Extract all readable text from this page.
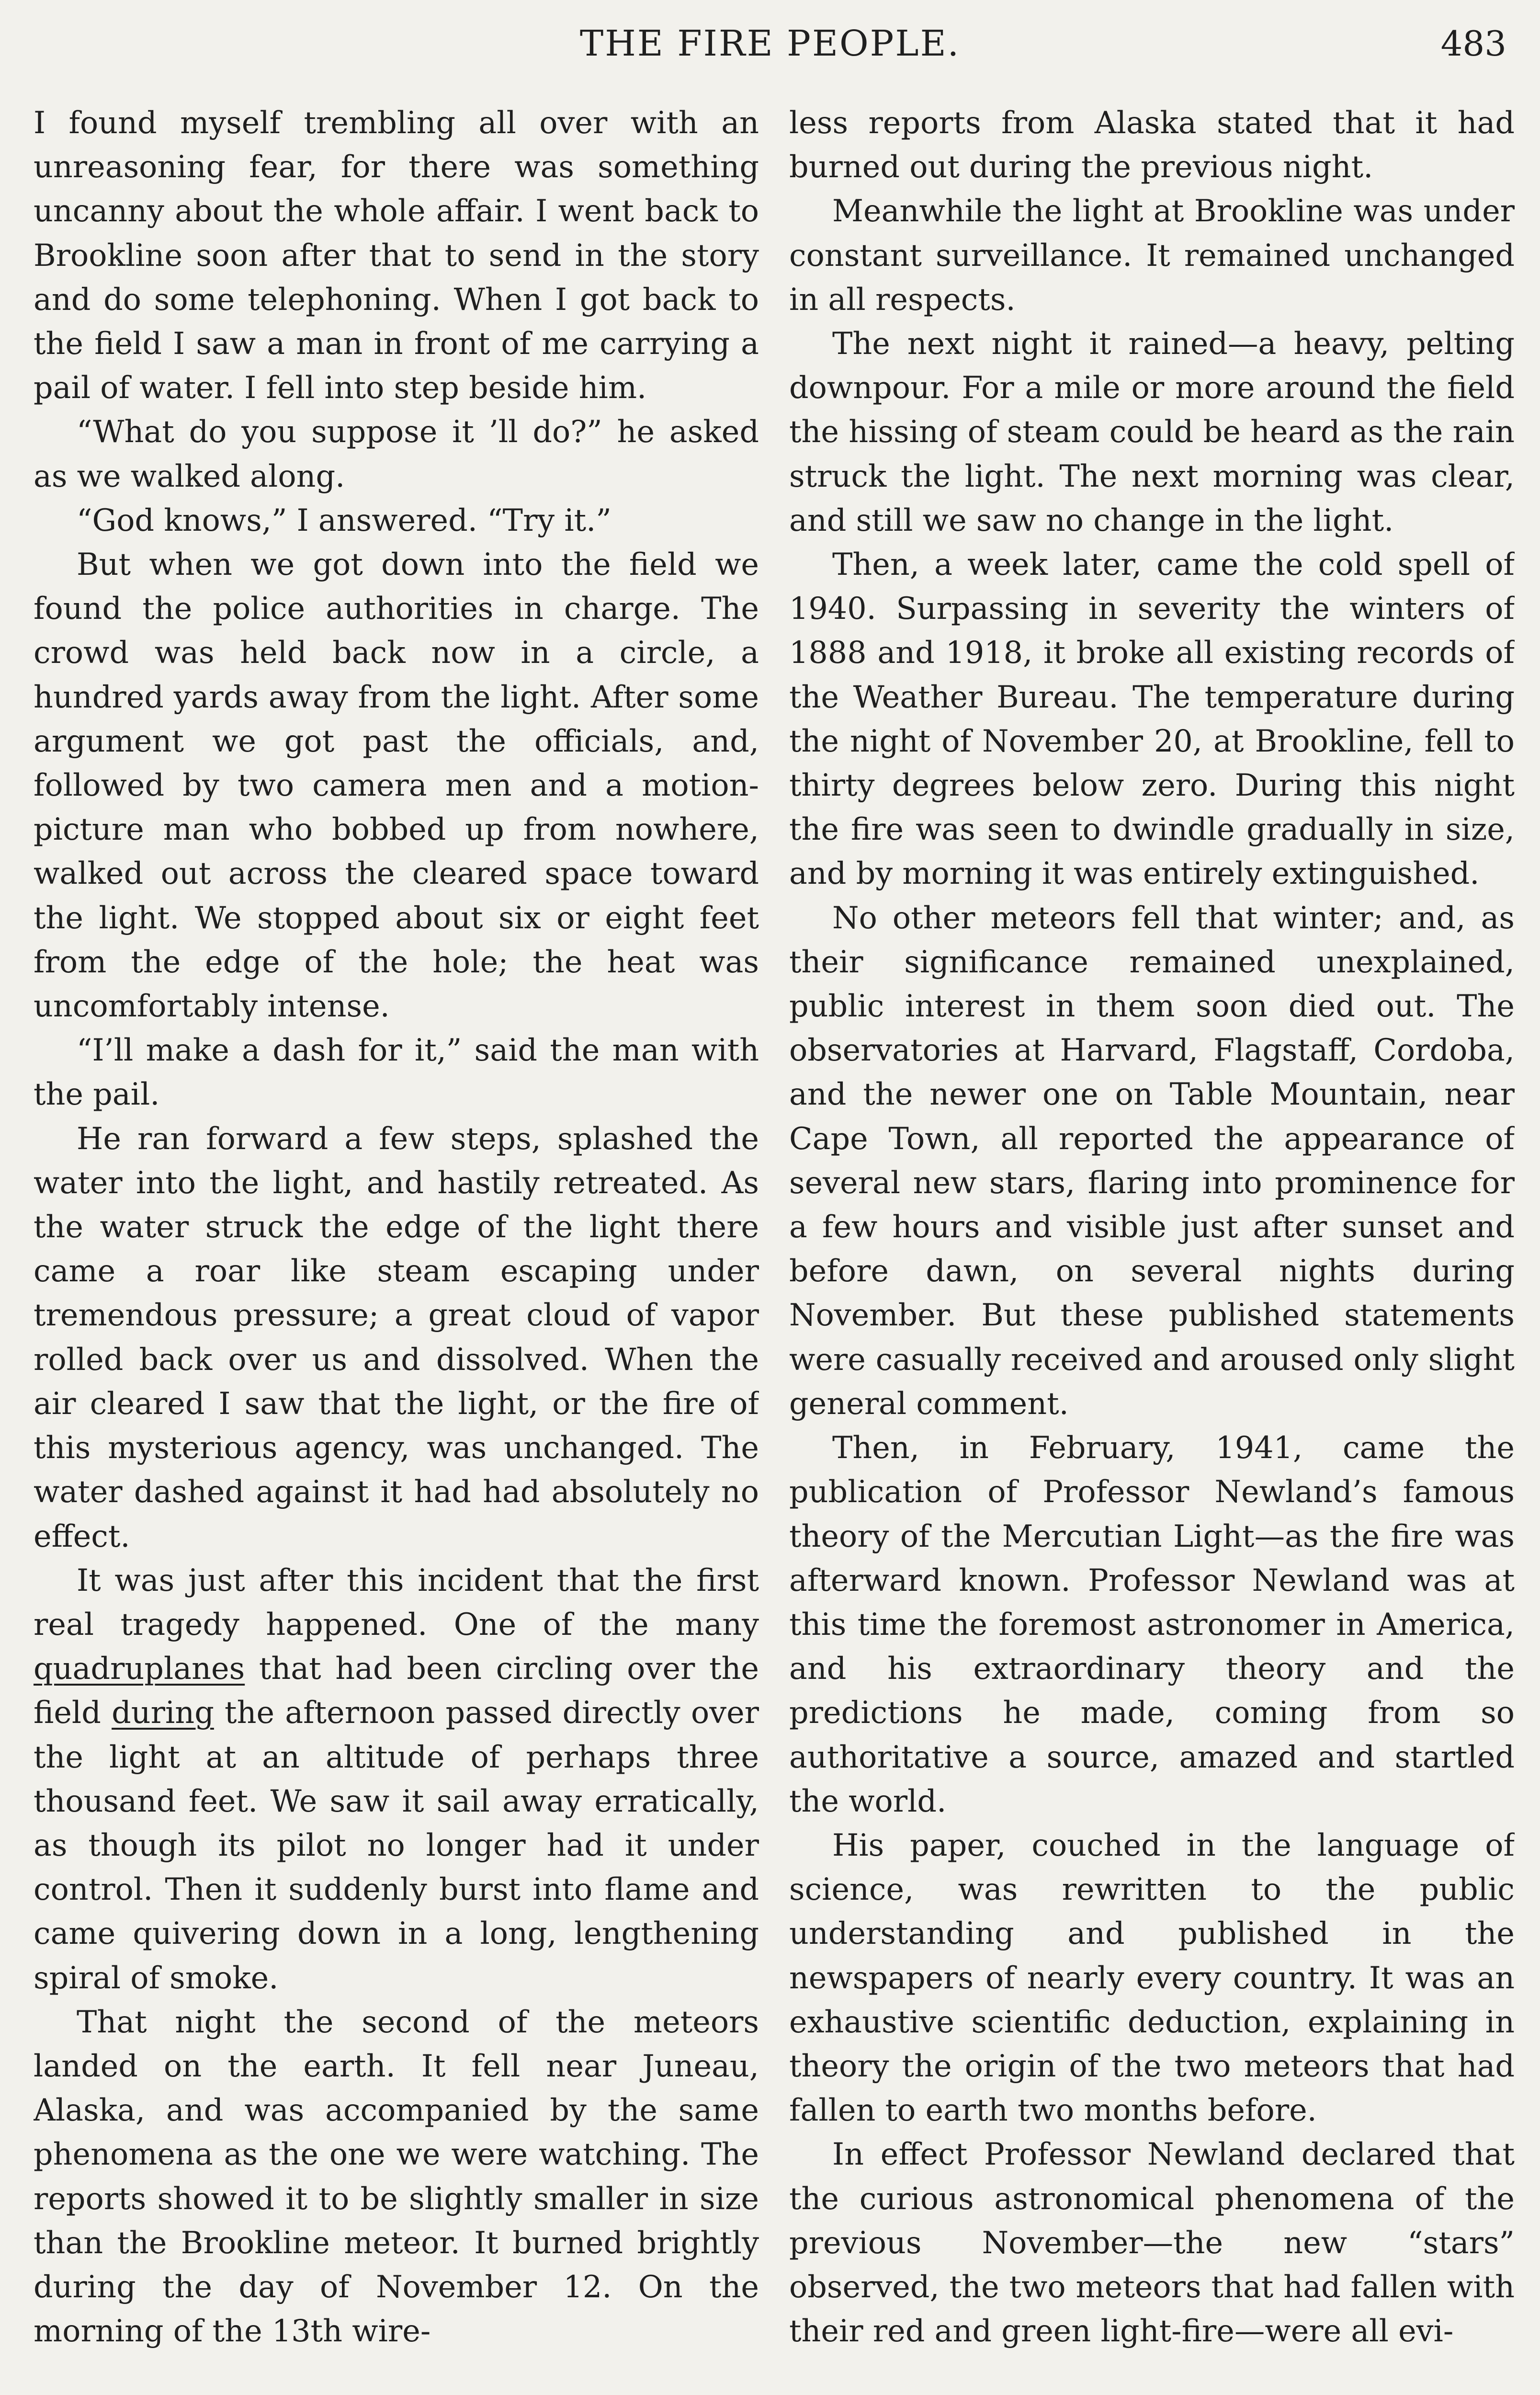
THE FIRE PEOPLE.	483

I found myself trembling all over with an unreasoning fear, for there was something uncanny about the whole affair. I went back to Brookline soon after that to send in the story and do some telephoning. When I got back to the field I saw a man in front of me carrying a pail of water. I fell into step beside him.

“What do you suppose it ’ll do?” he asked as we walked along.

“God knows,” I answered. “Try it.”

But when we got down into the field we found the police authorities in charge. The crowd was held back now in a circle, a hundred yards away from the light. After some argument we got past the officials, and, followed by two camera men and a motion-picture man who bobbed up from nowhere, walked out across the cleared space toward the light. We stopped about six or eight feet from the edge of the hole; the heat was uncomfortably intense.

“I’ll make a dash for it,” said the man with the pail.

He ran forward a few steps, splashed the water into the light, and hastily retreated. As the water struck the edge of the light there came a roar like steam escaping under tremendous pressure; a great cloud of vapor rolled back over us and dissolved. When the air cleared I saw that the light, or the fire of this mysterious agency, was unchanged. The water dashed against it had had absolutely no effect.

It was just after this incident that the first real tragedy happened. One of the many quadruplanes that had been circling over the field during the afternoon passed directly over the light at an altitude of perhaps three thousand feet. We saw it sail away erratically, as though its pilot no longer had it under control. Then it suddenly burst into flame and came quivering down in a long, lengthening spiral of smoke.

That night the second of the meteors landed on the earth. It fell near Juneau, Alaska, and was accompanied by the same phenomena as the one we were watching. The reports showed it to be slightly smaller in size than the Brookline meteor. It burned brightly during the day of November 12. On the morning of the 13th wire-

less reports from Alaska stated that it had burned out during the previous night.

Meanwhile the light at Brookline was under constant surveillance. It remained unchanged in all respects.

The next night it rained—a heavy, pelting downpour. For a mile or more around the field the hissing of steam could be heard as the rain struck the light. The next morning was clear, and still we saw no change in the light.

Then, a week later, came the cold spell of 1940. Surpassing in severity the winters of 1888 and 1918, it broke all existing records of the Weather Bureau. The temperature during the night of November 20, at Brookline, fell to thirty degrees below zero. During this night the fire was seen to dwindle gradually in size, and by morning it was entirely extinguished.

No other meteors fell that winter; and, as their significance remained unexplained, public interest in them soon died out. The observatories at Harvard, Flagstaff, Cordoba, and the newer one on Table Mountain, near Cape Town, all reported the appearance of several new stars, flaring into prominence for a few hours and visible just after sunset and before dawn, on several nights during November. But these published statements were casually received and aroused only slight general comment.

Then, in February, 1941, came the publication of Professor Newland’s famous theory of the Mercutian Light—as the fire was afterward known. Professor Newland was at this time the foremost astronomer in America, and his extraordinary theory and the predictions he made, coming from so authoritative a source, amazed and startled the world.

His paper, couched in the language of science, was rewritten to the public understanding and published in the newspapers of nearly every country. It was an exhaustive scientific deduction, explaining in theory the origin of the two meteors that had fallen to earth two months before.

In effect Professor Newland declared that the curious astronomical phenomena of the previous November—the new “stars” observed, the two meteors that had fallen with their red and green light-fire—were all evi-
